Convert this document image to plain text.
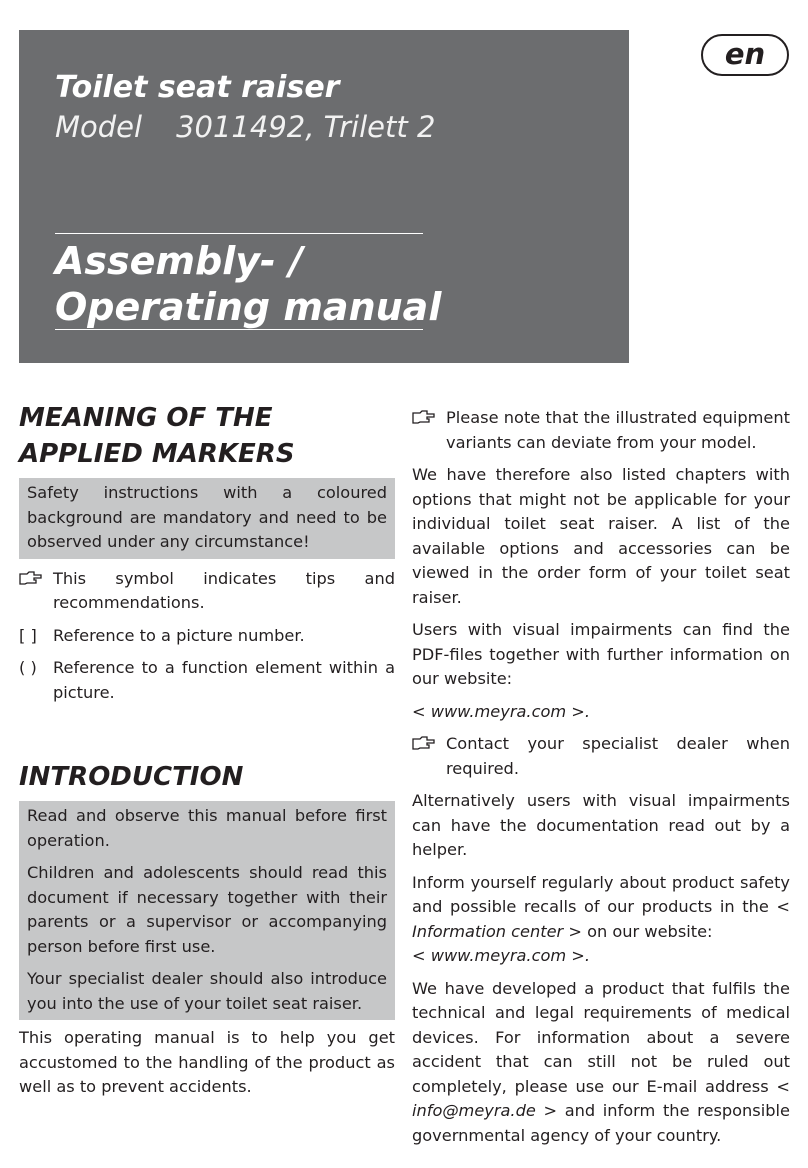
Toilet seat raiser
Model 3011492, Trilett 2
Assembly- /
Operating manual
en
MEANING OF THE APPLIED MARKERS

Safety instructions with a coloured background are mandatory and need to be observed under any circumstance!

This symbol indicates tips and recommendations.
[ ]	Reference to a picture number.
( )	Reference to a function element within a picture.
INTRODUCTION

Read and observe this manual before first operation.

Children and adolescents should read this document if necessary together with their parents or a supervisor or accompanying person before first use.

Your specialist dealer should also introduce you into the use of your toilet seat raiser.

This operating manual is to help you get accustomed to the handling of the product as well as to prevent accidents.

Please note that the illustrated equipment variants can deviate from your model.

We have therefore also listed chapters with options that might not be applicable for your individual toilet seat raiser. A list of the available options and accessories can be viewed in the order form of your toilet seat raiser.

Users with visual impairments can find the PDF-files together with further information on our website:

< www.meyra.com >.

Contact your specialist dealer when required.

Alternatively users with visual impairments can have the documentation read out by a helper.

Inform yourself regularly about product safety and possible recalls of our products in the < Information center > on our website:
< www.meyra.com >.

We have developed a product that fulfils the technical and legal requirements of medical devices. For information about a severe accident that can still not be ruled out completely, please use our E-mail address < info@meyra.de > and inform the responsible governmental agency of your country.
